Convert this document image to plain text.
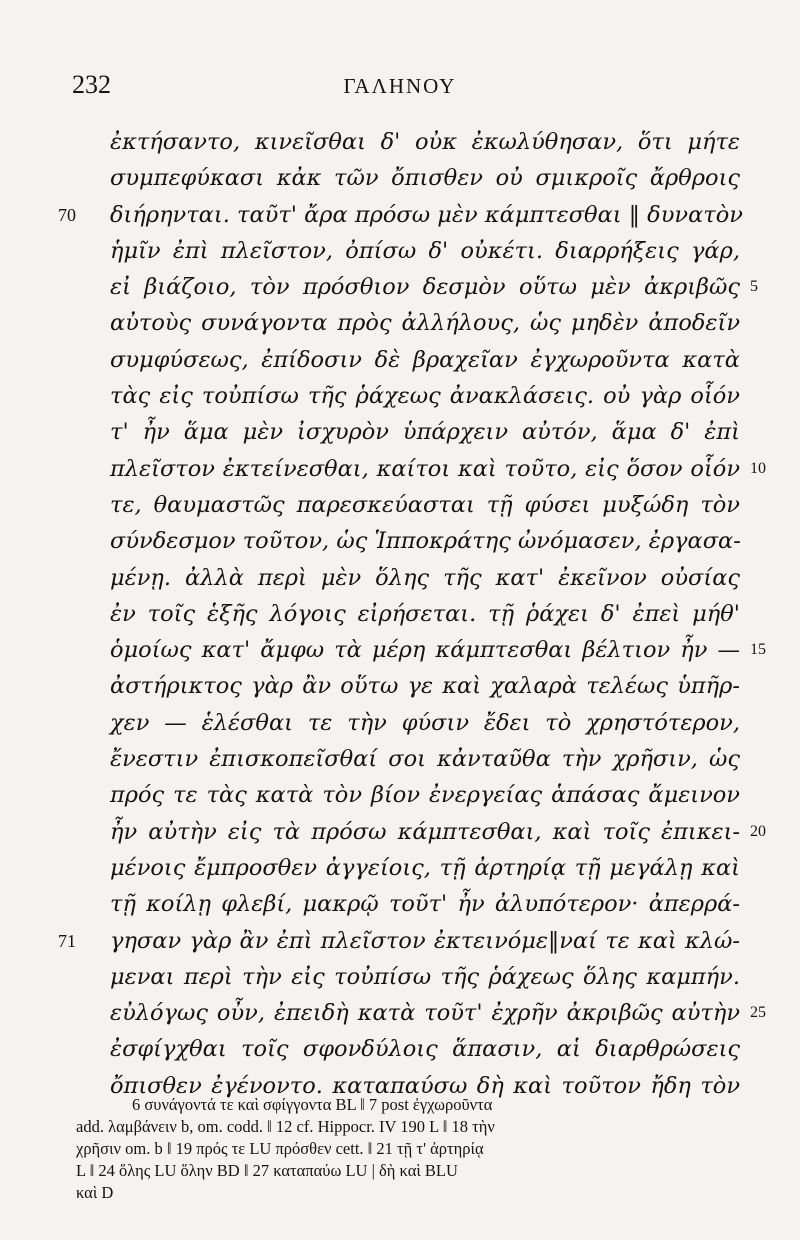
232	ΓΑΛΗΝΟΥ
ἐκτήσαντο, κινεῖσθαι δ' οὐκ ἐκωλύθησαν, ὅτι μήτε
συμπεφύκασι κἀκ τῶν ὄπισθεν οὐ σμικροῖς ἄρθροις
διήρηνται. ταῦτ' ἄρα πρόσω μὲν κάμπτεσθαι ‖ δυνατὸν
70
ἡμῖν ἐπὶ πλεῖστον, ὀπίσω δ' οὐκέτι. διαρρήξεις γάρ,
εἰ βιάζοιο, τὸν πρόσθιον δεσμὸν οὕτω μὲν ἀκριβῶς 5
αὐτοὺς συνάγοντα πρὸς ἀλλήλους, ὡς μηδὲν ἀποδεῖν
συμφύσεως, ἐπίδοσιν δὲ βραχεῖαν ἐγχωροῦντα κατὰ
τὰς εἰς τοὐπίσω τῆς ῥάχεως ἀνακλάσεις. οὐ γὰρ οἷόν
τ' ἦν ἅμα μὲν ἰσχυρὸν ὑπάρχειν αὐτόν, ἅμα δ' ἐπὶ
πλεῖστον ἐκτείνεσθαι, καίτοι καὶ τοῦτο, εἰς ὅσον οἷόν 10
τε, θαυμαστῶς παρεσκεύασται τῇ φύσει μυξώδη τὸν
σύνδεσμον τοῦτον, ὡς Ἱπποκράτης ὠνόμασεν, ἐργασα-
μένῃ. ἀλλὰ περὶ μὲν ὅλης τῆς κατ' ἐκεῖνον οὐσίας
ἐν τοῖς ἑξῆς λόγοις εἰρήσεται. τῇ ῥάχει δ' ἐπεὶ μήθ'
ὁμοίως κατ' ἄμφω τὰ μέρη κάμπτεσθαι βέλτιον ἦν — 15
ἀστήρικτος γὰρ ἂν οὕτω γε καὶ χαλαρὰ τελέως ὑπῆρ-
χεν — ἑλέσθαι τε τὴν φύσιν ἔδει τὸ χρηστότερον,
ἔνεστιν ἐπισκοπεῖσθαί σοι κἀνταῦθα τὴν χρῆσιν, ὡς
πρός τε τὰς κατὰ τὸν βίον ἐνεργείας ἁπάσας ἄμεινον
ἦν αὐτὴν εἰς τὰ πρόσω κάμπτεσθαι, καὶ τοῖς ἐπικει- 20
μένοις ἔμπροσθεν ἀγγείοις, τῇ ἀρτηρίᾳ τῇ μεγάλῃ καὶ
τῇ κοίλῃ φλεβί, μακρῷ τοῦτ' ἦν ἀλυπότερον· ἀπερρά-
γησαν γὰρ ἂν ἐπὶ πλεῖστον ἐκτεινόμε‖ναί τε καὶ κλώ-
71
μεναι περὶ τὴν εἰς τοὐπίσω τῆς ῥάχεως ὅλης καμπήν.
εὐλόγως οὖν, ἐπειδὴ κατὰ τοῦτ' ἐχρῆν ἀκριβῶς αὐτὴν 25
ἐσφίγχθαι τοῖς σφονδύλοις ἅπασιν, αἱ διαρθρώσεις
ὄπισθεν ἐγένοντο. καταπαύσω δὴ καὶ τοῦτον ἤδη τὸν
6 συνάγοντά τε καὶ σφίγγοντα BL ‖ 7 post ἐγχωροῦντα
add. λαμβάνειν b, om. codd. ‖ 12 cf. Hippocr. IV 190 L ‖ 18 τὴν
χρῆσιν om. b ‖ 19 πρός τε LU πρόσθεν cett. ‖ 21 τῇ τ' ἀρτηρίᾳ
L ‖ 24 ὅλης LU ὅλην BD ‖ 27 καταπαύω LU | δὴ καὶ BLU
καὶ D
